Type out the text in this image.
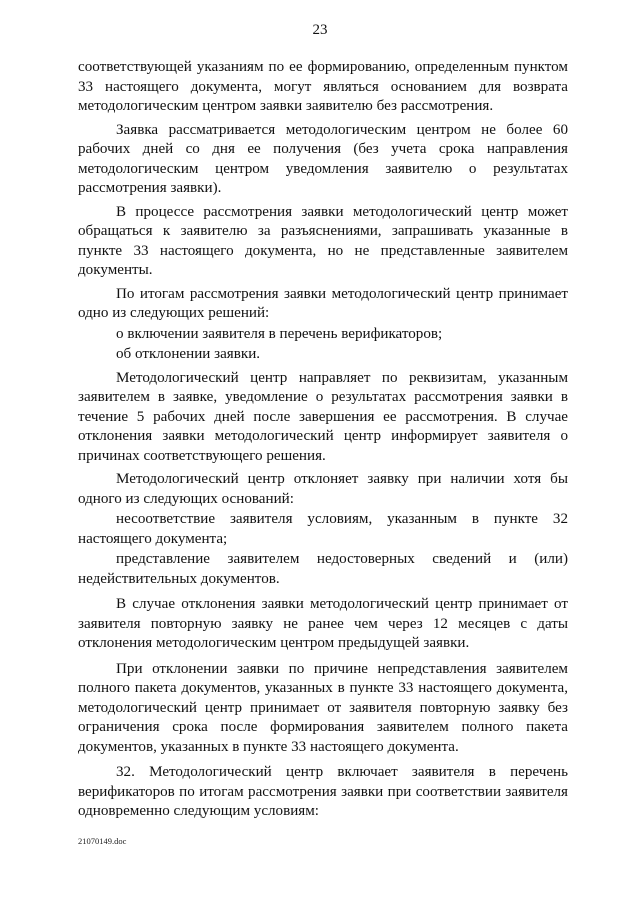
23

соответствующей указаниям по ее формированию, определенным пунктом 33 настоящего документа, могут являться основанием для возврата методологическим центром заявки заявителю без рассмотрения.

Заявка рассматривается методологическим центром не более 60 рабочих дней со дня ее получения (без учета срока направления методологическим центром уведомления заявителю о результатах рассмотрения заявки).

В процессе рассмотрения заявки методологический центр может обращаться к заявителю за разъяснениями, запрашивать указанные в пункте 33 настоящего документа, но не представленные заявителем документы.

По итогам рассмотрения заявки методологический центр принимает одно из следующих решений:

о включении заявителя в перечень верификаторов;

об отклонении заявки.

Методологический центр направляет по реквизитам, указанным заявителем в заявке, уведомление о результатах рассмотрения заявки в течение 5 рабочих дней после завершения ее рассмотрения. В случае отклонения заявки методологический центр информирует заявителя о причинах соответствующего решения.

Методологический центр отклоняет заявку при наличии хотя бы одного из следующих оснований:

несоответствие заявителя условиям, указанным в пункте 32 настоящего документа;

представление заявителем недостоверных сведений и (или) недействительных документов.

В случае отклонения заявки методологический центр принимает от заявителя повторную заявку не ранее чем через 12 месяцев с даты отклонения методологическим центром предыдущей заявки.

При отклонении заявки по причине непредставления заявителем полного пакета документов, указанных в пункте 33 настоящего документа, методологический центр принимает от заявителя повторную заявку без ограничения срока после формирования заявителем полного пакета документов, указанных в пункте 33 настоящего документа.

32. Методологический центр включает заявителя в перечень верификаторов по итогам рассмотрения заявки при соответствии заявителя одновременно следующим условиям:

21070149.doc
